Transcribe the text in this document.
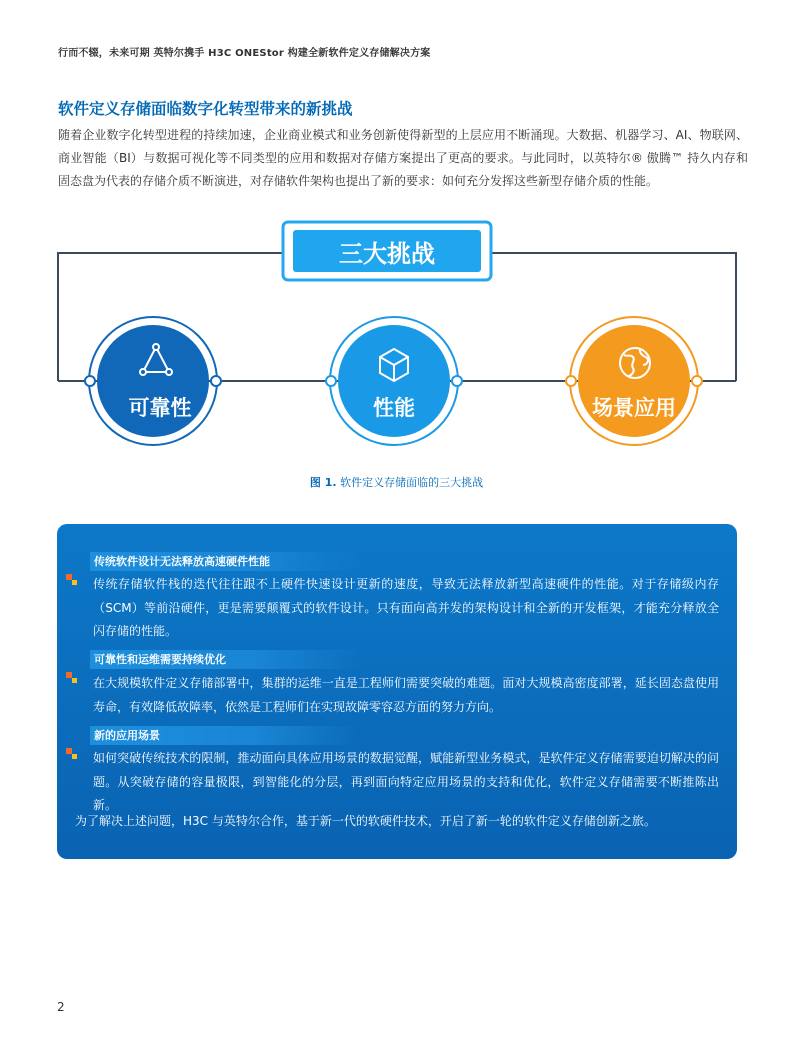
行而不辍，未来可期 英特尔携手 H3C ONEStor 构建全新软件定义存储解决方案
软件定义存储面临数字化转型带来的新挑战

随着企业数字化转型进程的持续加速，企业商业模式和业务创新使得新型的上层应用不断涌现。大数据、机器学习、AI、物联网、商业智能（BI）与数据可视化等不同类型的应用和数据对存储方案提出了更高的要求。与此同时，以英特尔® 傲腾™ 持久内存和固态盘为代表的存储介质不断演进，对存储软件架构也提出了新的要求：如何充分发挥这些新型存储介质的性能。

三大挑战
可靠性	性能	场景应用
图 1. 软件定义存储面临的三大挑战
传统软件设计无法释放高速硬件性能

传统存储软件栈的迭代往往跟不上硬件快速设计更新的速度，导致无法释放新型高速硬件的性能。对于存储级内存（SCM）等前沿硬件，更是需要颠覆式的软件设计。只有面向高并发的架构设计和全新的开发框架，才能充分释放全闪存储的性能。

可靠性和运维需要持续优化

在大规模软件定义存储部署中，集群的运维一直是工程师们需要突破的难题。面对大规模高密度部署，延长固态盘使用寿命，有效降低故障率，依然是工程师们在实现故障零容忍方面的努力方向。

新的应用场景

如何突破传统技术的限制，推动面向具体应用场景的数据觉醒，赋能新型业务模式，是软件定义存储需要迫切解决的问题。从突破存储的容量极限，到智能化的分层，再到面向特定应用场景的支持和优化，软件定义存储需要不断推陈出新。

为了解决上述问题，H3C 与英特尔合作，基于新一代的软硬件技术，开启了新一轮的软件定义存储创新之旅。

2
